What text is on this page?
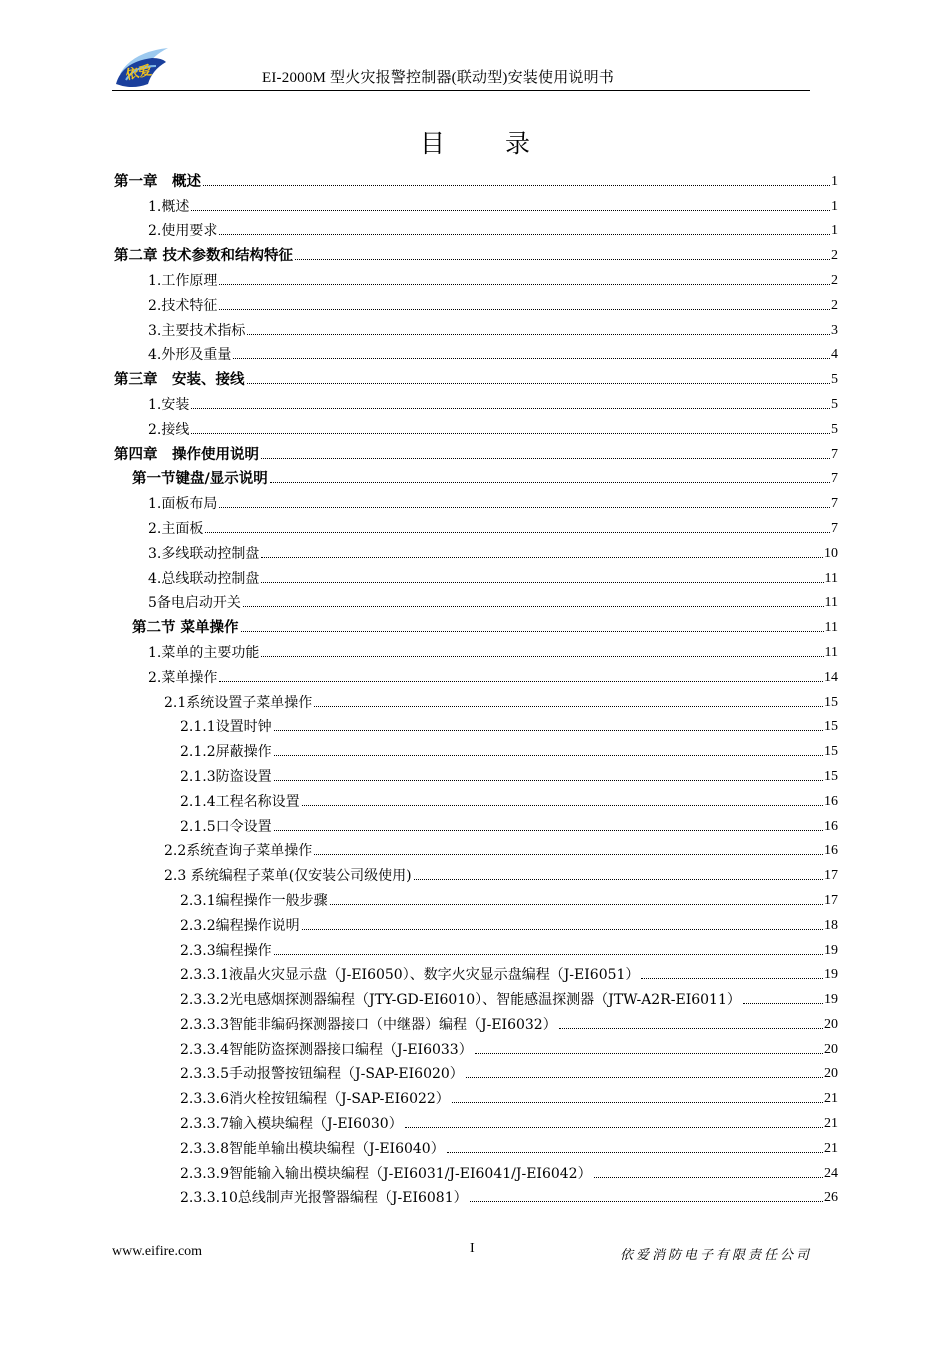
依爱	EI-2000M 型火灾报警控制器(联动型)安装使用说明书
目 录
第一章　概述	1
1.概述	1
2.使用要求	1
第二章 技术参数和结构特征	2
1.工作原理	2
2.技术特征	2
3.主要技术指标	3
4.外形及重量	4
第三章　安装、接线	5
1.安装	5
2.接线	5
第四章　操作使用说明	7
第一节键盘/显示说明	7
1.面板布局	7
2.主面板	7
3.多线联动控制盘	10
4.总线联动控制盘	11
5备电启动开关	11
第二节 菜单操作	11
1.菜单的主要功能	11
2.菜单操作	14
2.1系统设置子菜单操作	15
2.1.1设置时钟	15
2.1.2屏蔽操作	15
2.1.3防盗设置	15
2.1.4工程名称设置	16
2.1.5口令设置	16
2.2系统查询子菜单操作	16
2.3 系统编程子菜单(仅安装公司级使用)	17
2.3.1编程操作一般步骤	17
2.3.2编程操作说明	18
2.3.3编程操作	19
2.3.3.1液晶火灾显示盘（J-EI6050）、数字火灾显示盘编程（J-EI6051）	19
2.3.3.2光电感烟探测器编程（JTY-GD-EI6010）、智能感温探测器（JTW-A2R-EI6011）	19
2.3.3.3智能非编码探测器接口（中继器）编程（J-EI6032）	20
2.3.3.4智能防盗探测器接口编程（J-EI6033）	20
2.3.3.5手动报警按钮编程（J-SAP-EI6020）	20
2.3.3.6消火栓按钮编程（J-SAP-EI6022）	21
2.3.3.7输入模块编程（J-EI6030）	21
2.3.3.8智能单输出模块编程（J-EI6040）	21
2.3.3.9智能输入输出模块编程（J-EI6031/J-EI6041/J-EI6042）	24
2.3.3.10总线制声光报警器编程（J-EI6081）	26
www.eifire.com	I	依爱消防电子有限责任公司
